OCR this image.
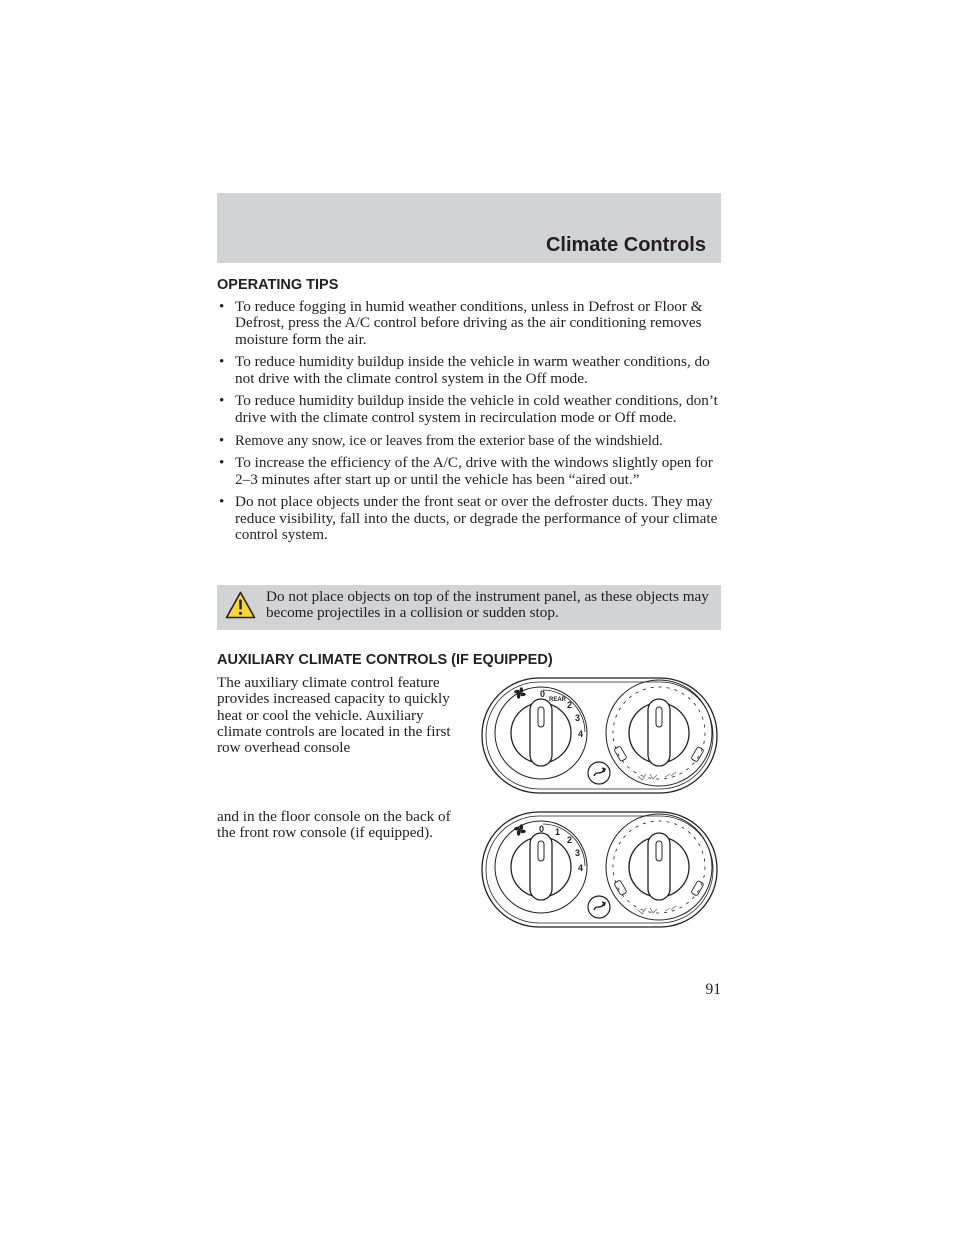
Climate Controls
OPERATING TIPS
• To reduce fogging in humid weather conditions, unless in Defrost or Floor & Defrost, press the A/C control before driving as the air conditioning removes moisture form the air.
• To reduce humidity buildup inside the vehicle in warm weather conditions, do not drive with the climate control system in the Off mode.
• To reduce humidity buildup inside the vehicle in cold weather conditions, don’t drive with the climate control system in recirculation mode or Off mode.
• Remove any snow, ice or leaves from the exterior base of the windshield.
• To increase the efficiency of the A/C, drive with the windows slightly open for 2–3 minutes after start up or until the vehicle has been “aired out.”
• Do not place objects under the front seat or over the defroster ducts. They may reduce visibility, fall into the ducts, or degrade the performance of your climate control system.
Do not place objects on top of the instrument panel, as these objects may become projectiles in a collision or sudden stop.
AUXILIARY CLIMATE CONTROLS (IF EQUIPPED)

The auxiliary climate control feature provides increased capacity to quickly heat or cool the vehicle. Auxiliary climate controls are located in the first row overhead console

and in the floor console on the back of the front row console (if equipped).

0
REAR 2
3
4
0 1
2
3
4
91
